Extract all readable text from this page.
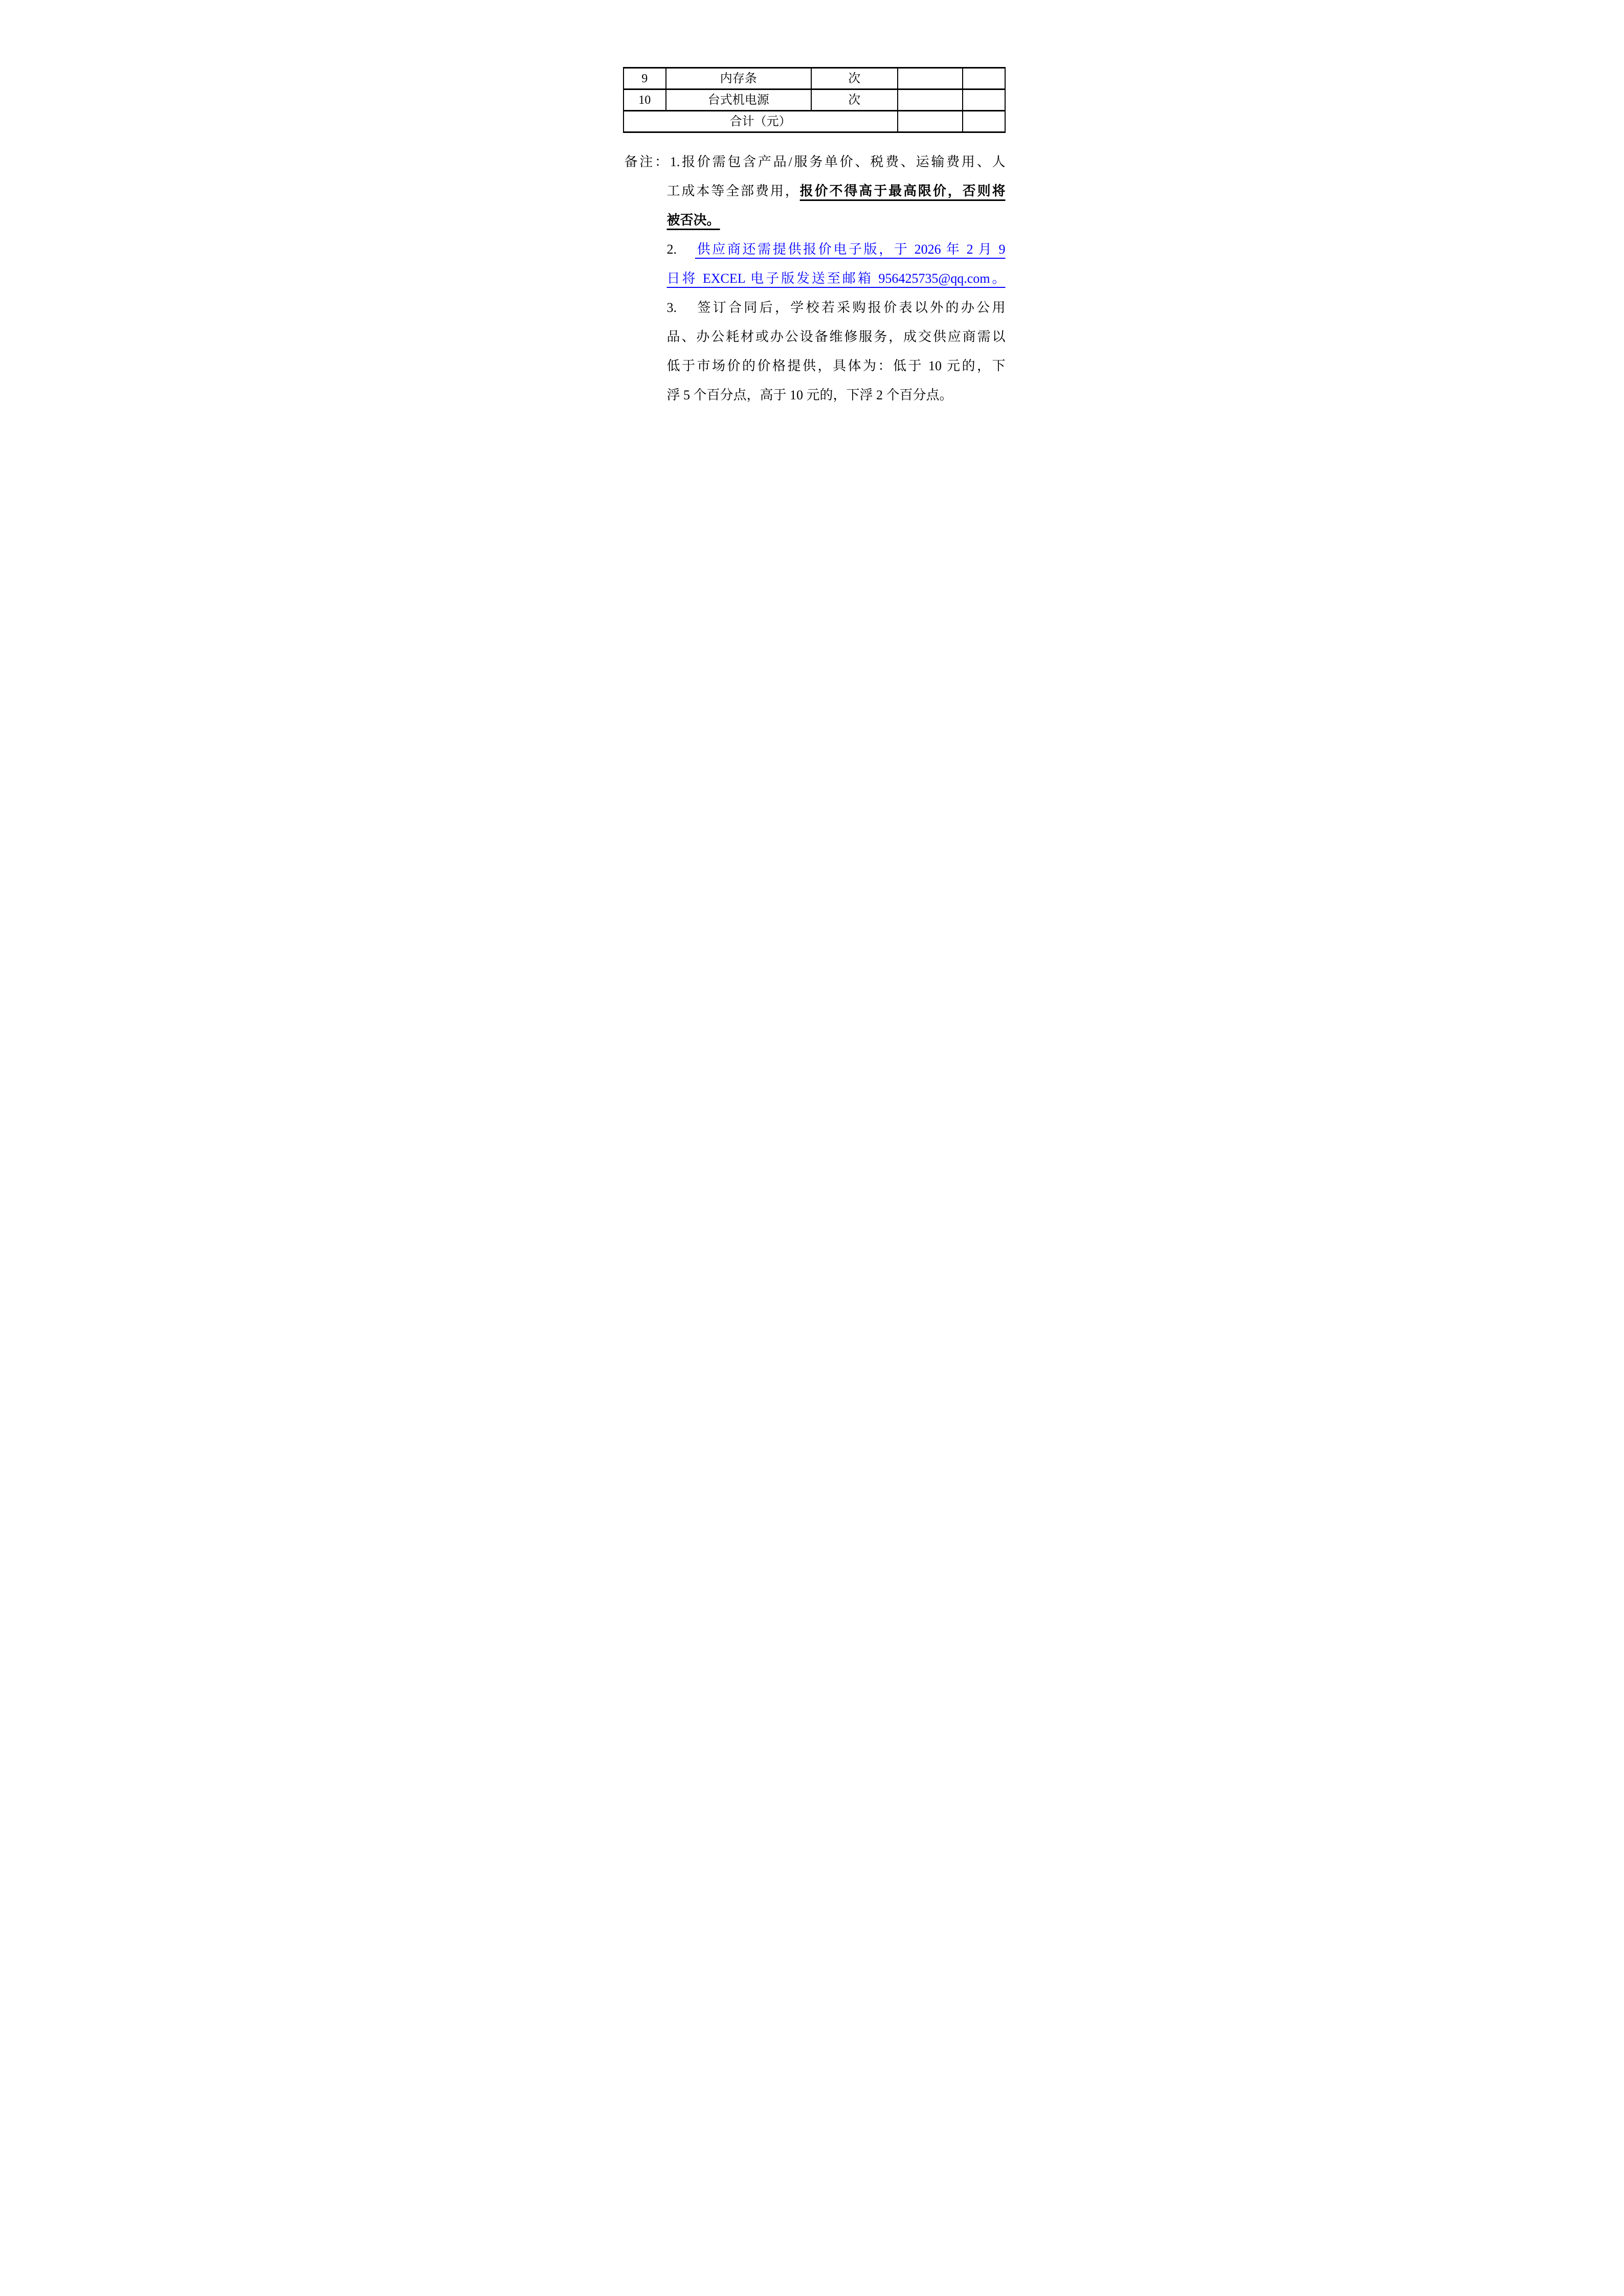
9	内存条	次		
10	台式机电源	次		
合计（元）				
备注：1.报价需包含产品/服务单价、税费、运输费用、人
工成本等全部费用，报价不得高于最高限价，否则将
被否决。
2. 供应商还需提供报价电子版，于 2026 年 2 月 9
日将 EXCEL 电子版发送至邮箱 956425735@qq.com。
3. 签订合同后，学校若采购报价表以外的办公用
品、办公耗材或办公设备维修服务，成交供应商需以
低于市场价的价格提供，具体为：低于 10 元的，下
浮 5 个百分点，高于 10 元的，下浮 2 个百分点。
